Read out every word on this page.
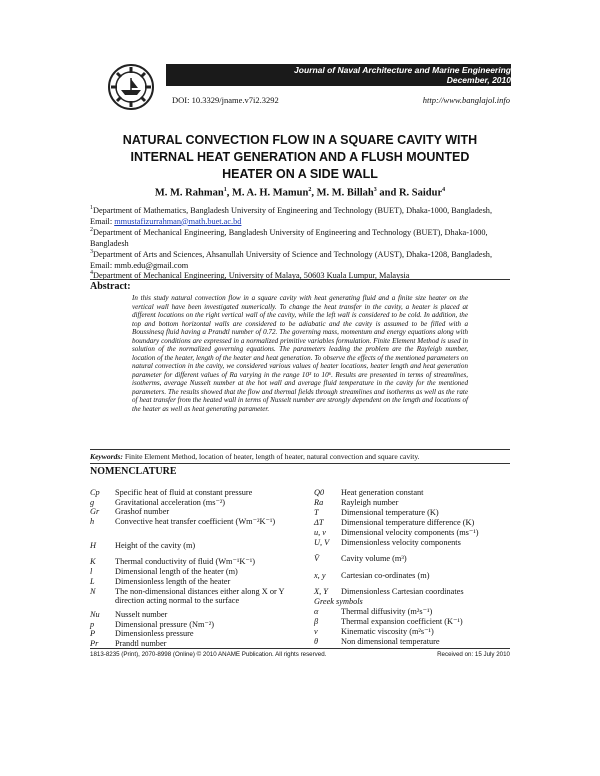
Journal of Naval Architecture and Marine Engineering
December, 2010
DOI: 10.3329/jname.v7i2.3292	http://www.banglajol.info
NATURAL CONVECTION FLOW IN A SQUARE CAVITY WITH
INTERNAL HEAT GENERATION AND A FLUSH MOUNTED
HEATER ON A SIDE WALL
M. M. Rahman$^1$, M. A. H. Mamun$^2$, M. M. Billah$^3$ and R. Saidur$^4$
$^1$Department of Mathematics, Bangladesh University of Engineering and Technology (BUET), Dhaka-1000, Bangladesh, Email: mmustafizurrahman@math.buet.ac.bd
$^2$Department of Mechanical Engineering, Bangladesh University of Engineering and Technology (BUET), Dhaka-1000, Bangladesh
$^3$Department of Arts and Sciences, Ahsanullah University of Science and Technology (AUST), Dhaka-1208, Bangladesh, Email: mmb.edu@gmail.com
$^4$Department of Mechanical Engineering, University of Malaya, 50603 Kuala Lumpur, Malaysia
Abstract:
In this study natural convection flow in a square cavity with heat generating fluid and a finite size heater on the vertical wall have been investigated numerically. To change the heat transfer in the cavity, a heater is placed at different locations on the right vertical wall of the cavity, while the left wall is considered to be cold. In addition, the top and bottom horizontal walls are considered to be adiabatic and the cavity is assumed to be filled with a Boussinesq fluid having a Prandtl number of 0.72. The governing mass, momentum and energy equations along with boundary conditions are expressed in a normalized primitive variables formulation. Finite Element Method is used in solution of the normalized governing equations. The parameters leading the problem are the Rayleigh number, location of the heater, length of the heater and heat generation. To observe the effects of the mentioned parameters on natural convection in the cavity, we considered various values of heater locations, heater length and heat generation parameter for different values of Ra varying in the range 10³ to 10⁶. Results are presented in terms of streamlines, isotherms, average Nusselt number at the hot wall and average fluid temperature in the cavity for the mentioned parameters. The results showed that the flow and thermal fields through streamlines and isotherms as well as the rate of heat transfer from the heated wall in terms of Nusselt number are strongly dependent on the length and locations of the heater as well as heat generating parameter.
Keywords: Finite Element Method, location of heater, length of heater, natural convection and square cavity.
NOMENCLATURE
Cp	Specific heat of fluid at constant pressure
g	Gravitational acceleration (ms⁻²)
Gr	Grashof number
h	Convective heat transfer coefficient (Wm⁻²K⁻¹)
H	Height of the cavity (m)
K	Thermal conductivity of fluid (Wm⁻¹K⁻¹)
l	Dimensional length of the heater (m)
L	Dimensionless length of the heater
N	The non-dimensional distances either along X or Y direction acting normal to the surface
Nu	Nusselt number
p	Dimensional pressure (Nm⁻²)
P	Dimensionless pressure
Pr	Prandtl number
Q0	Heat generation constant
Ra	Rayleigh number
T	Dimensional temperature (K)
ΔT	Dimensional temperature difference (K)
u, v	Dimensional velocity components (ms⁻¹)
U, V	Dimensionless velocity components
V̄	Cavity volume (m³)
x, y	Cartesian co-ordinates (m)
X, Y	Dimensionless Cartesian coordinates
Greek symbols
α	Thermal diffusivity (m²s⁻¹)
β	Thermal expansion coefficient (K⁻¹)
ν	Kinematic viscosity (m²s⁻¹)
θ	Non dimensional temperature
1813-8235 (Print), 2070-8998 (Online) © 2010 ANAME Publication. All rights reserved.	Received on: 15 July 2010
